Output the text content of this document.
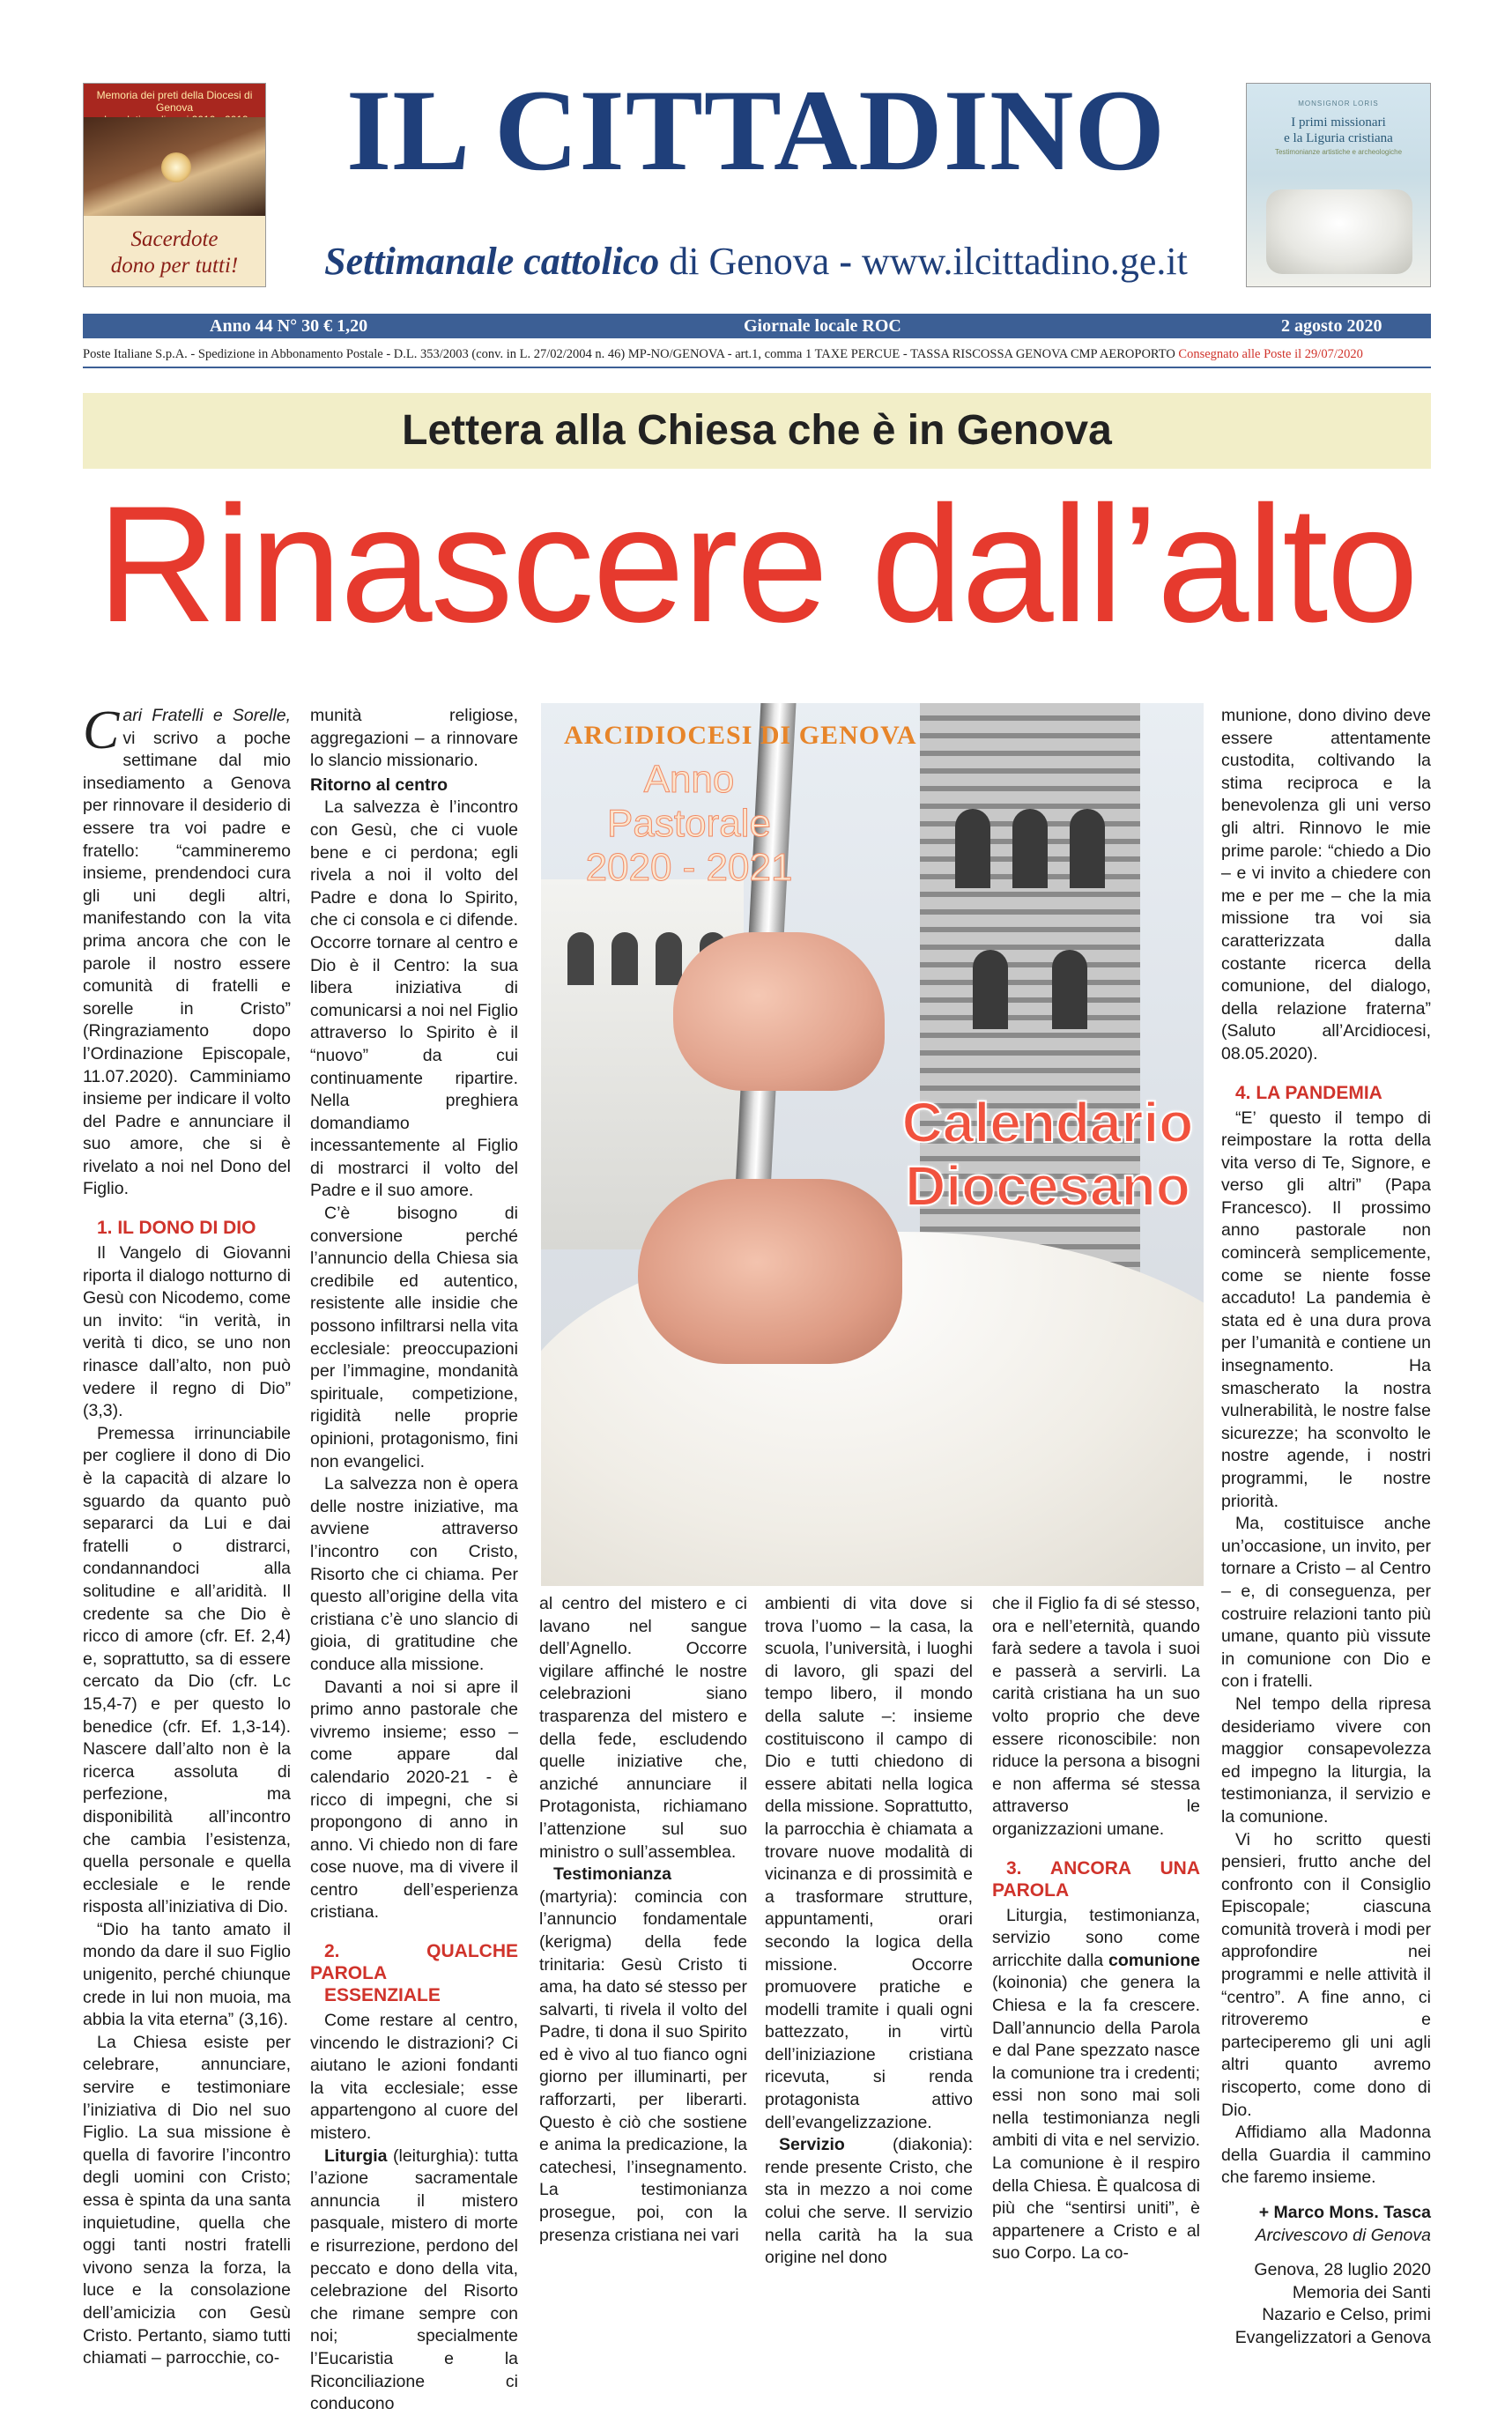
Memoria dei preti della Diocesi di Genova
Sacerdote
dono per tutti!
IL CITTADINO
Settimanale cattolico di Genova - www.ilcittadino.ge.it
MONSIGNOR LORIS
I primi missionari
e la Liguria cristiana
Testimonianze artistiche e archeologiche
Anno 44 N° 30 € 1,20	Giornale locale ROC	2 agosto 2020
Poste Italiane S.p.A. - Spedizione in Abbonamento Postale - D.L. 353/2003 (conv. in L. 27/02/2004 n. 46) MP-NO/GENOVA - art.1, comma 1 TAXE PERCUE - TASSA RISCOSSA GENOVA CMP AEROPORTO Consegnato alle Poste il 29/07/2020
Lettera alla Chiesa che è in Genova
Rinascere dall’alto

Cari Fratelli e Sorelle, vi scrivo a poche settimane dal mio insediamento a Genova per rinnovare il desiderio di essere tra voi padre e fratello: “cammineremo insieme, prendendoci cura gli uni degli altri, manifestando con la vita prima ancora che con le parole il nostro essere comunità di fratelli e sorelle in Cristo” (Ringraziamento dopo l’Ordinazione Episcopale, 11.07.2020). Camminiamo insieme per indicare il volto del Padre e annunciare il suo amore, che si è rivelato a noi nel Dono del Figlio.

1. IL DONO DI DIO

Il Vangelo di Giovanni riporta il dialogo notturno di Gesù con Nicodemo, come un invito: “in verità, in verità ti dico, se uno non rinasce dall’alto, non può vedere il regno di Dio” (3,3).

Premessa irrinunciabile per cogliere il dono di Dio è la capacità di alzare lo sguardo da quanto può separarci da Lui e dai fratelli o distrarci, condannandoci alla solitudine e all’aridità. Il credente sa che Dio è ricco di amore (cfr. Ef. 2,4) e, soprattutto, sa di essere cercato da Dio (cfr. Lc 15,4-7) e per questo lo benedice (cfr. Ef. 1,3-14). Nascere dall’alto non è la ricerca assoluta di perfezione, ma disponibilità all’incontro che cambia l’esistenza, quella personale e quella ecclesiale e le rende risposta all’iniziativa di Dio.

“Dio ha tanto amato il mondo da dare il suo Figlio unigenito, perché chiunque crede in lui non muoia, ma abbia la vita eterna” (3,16).

La Chiesa esiste per celebrare, annunciare, servire e testimoniare l’iniziativa di Dio nel suo Figlio. La sua missione è quella di favorire l’incontro degli uomini con Cristo; essa è spinta da una santa inquietudine, quella che oggi tanti nostri fratelli vivono senza la forza, la luce e la consolazione dell’amicizia con Gesù Cristo. Pertanto, siamo tutti chiamati – parrocchie, co-

munità religiose, aggregazioni – a rinnovare lo slancio missionario.

Ritorno al centro

La salvezza è l’incontro con Gesù, che ci vuole bene e ci perdona; egli rivela a noi il volto del Padre e dona lo Spirito, che ci consola e ci difende. Occorre tornare al centro e Dio è il Centro: la sua libera iniziativa di comunicarsi a noi nel Figlio attraverso lo Spirito è il “nuovo” da cui continuamente ripartire. Nella preghiera domandiamo incessantemente al Figlio di mostrarci il volto del Padre e il suo amore.

C’è bisogno di conversione perché l’annuncio della Chiesa sia credibile ed autentico, resistente alle insidie che possono infiltrarsi nella vita ecclesiale: preoccupazioni per l’immagine, mondanità spirituale, competizione, rigidità nelle proprie opinioni, protagonismo, fini non evangelici.

La salvezza non è opera delle nostre iniziative, ma avviene attraverso l’incontro con Cristo, Risorto che ci chiama. Per questo all’origine della vita cristiana c’è uno slancio di gioia, di gratitudine che conduce alla missione.

Davanti a noi si apre il primo anno pastorale che vivremo insieme; esso – come appare dal calendario 2020-21 - è ricco di impegni, che si propongono di anno in anno. Vi chiedo non di fare cose nuove, ma di vivere il centro dell’esperienza cristiana.

2. QUALCHE PAROLA
ESSENZIALE

Come restare al centro, vincendo le distrazioni? Ci aiutano le azioni fondanti la vita ecclesiale; esse appartengono al cuore del mistero.

Liturgia (leiturghia): tutta l’azione sacramentale annuncia il mistero pasquale, mistero di morte e risurrezione, perdono del peccato e dono della vita, celebrazione del Risorto che rimane sempre con noi; specialmente l’Eucaristia e la Riconciliazione ci conducono

ARCIDIOCESI DI GENOVA
Anno Pastorale
2020 - 2021
Calendario
Diocesano

al centro del mistero e ci lavano nel sangue dell’Agnello. Occorre vigilare affinché le nostre celebrazioni siano trasparenza del mistero e della fede, escludendo quelle iniziative che, anziché annunciare il Protagonista, richiamano l’attenzione sul suo ministro o sull’assemblea.

Testimonianza (martyria): comincia con l’annuncio fondamentale (kerigma) della fede trinitaria: Gesù Cristo ti ama, ha dato sé stesso per salvarti, ti rivela il volto del Padre, ti dona il suo Spirito ed è vivo al tuo fianco ogni giorno per illuminarti, per rafforzarti, per liberarti. Questo è ciò che sostiene e anima la predicazione, la catechesi, l’insegnamento. La testimonianza prosegue, poi, con la presenza cristiana nei vari

ambienti di vita dove si trova l’uomo – la casa, la scuola, l’università, i luoghi di lavoro, gli spazi del tempo libero, il mondo della salute –: insieme costituiscono il campo di Dio e tutti chiedono di essere abitati nella logica della missione. Soprattutto, la parrocchia è chiamata a trovare nuove modalità di vicinanza e di prossimità e a trasformare strutture, appuntamenti, orari secondo la logica della missione. Occorre promuovere pratiche e modelli tramite i quali ogni battezzato, in virtù dell’iniziazione cristiana ricevuta, si renda protagonista attivo dell’evangelizzazione.

Servizio	(diakonia): rende presente Cristo, che sta in mezzo a noi come colui che serve. Il servizio nella carità ha la sua origine nel dono

che il Figlio fa di sé stesso, ora e nell’eternità, quando farà sedere a tavola i suoi e passerà a servirli. La carità cristiana ha un suo volto proprio che deve essere riconoscibile: non riduce la persona a bisogni e non afferma sé stessa attraverso le organizzazioni umane.

3. ANCORA UNA PAROLA

Liturgia, testimonianza, servizio sono come arricchite dalla comunione (koinonia) che genera la Chiesa e la fa crescere. Dall’annuncio della Parola e dal Pane spezzato nasce la comunione tra i credenti; essi non sono mai soli nella testimonianza negli ambiti di vita e nel servizio. La comunione è il respiro della Chiesa. È qualcosa di più che “sentirsi uniti”, è appartenere a Cristo e al suo Corpo. La co-

munione, dono divino deve essere attentamente custodita, coltivando la stima reciproca e la benevolenza gli uni verso gli altri. Rinnovo le mie prime parole: “chiedo a Dio – e vi invito a chiedere con me e per me – che la mia missione tra voi sia caratterizzata dalla costante ricerca della comunione, del dialogo, della relazione fraterna” (Saluto all’Arcidiocesi, 08.05.2020).

4. LA PANDEMIA

“E’ questo il tempo di reimpostare la rotta della vita verso di Te, Signore, e verso gli altri” (Papa Francesco). Il prossimo anno pastorale non comincerà semplicemente, come se niente fosse accaduto! La pandemia è stata ed è una dura prova per l’umanità e contiene un insegnamento. Ha smascherato la nostra vulnerabilità, le nostre false sicurezze; ha sconvolto le nostre agende, i nostri programmi, le nostre priorità.

Ma, costituisce anche un’occasione, un invito, per tornare a Cristo – al Centro – e, di conseguenza, per costruire relazioni tanto più umane, quanto più vissute in comunione con Dio e con i fratelli.

Nel tempo della ripresa desideriamo vivere con maggior consapevolezza ed impegno la liturgia, la testimonianza, il servizio e la comunione.

Vi ho scritto questi pensieri, frutto anche del confronto con il Consiglio Episcopale; ciascuna comunità troverà i modi per approfondire nei programmi e nelle attività il “centro”. A fine anno, ci ritroveremo e parteciperemo gli uni agli altri quanto avremo riscoperto, come dono di Dio.

Affidiamo alla Madonna della Guardia il cammino che faremo insieme.

+ Marco Mons. Tasca

Arcivescovo di Genova

Genova, 28 luglio 2020

Memoria dei Santi

Nazario e Celso, primi

Evangelizzatori a Genova
